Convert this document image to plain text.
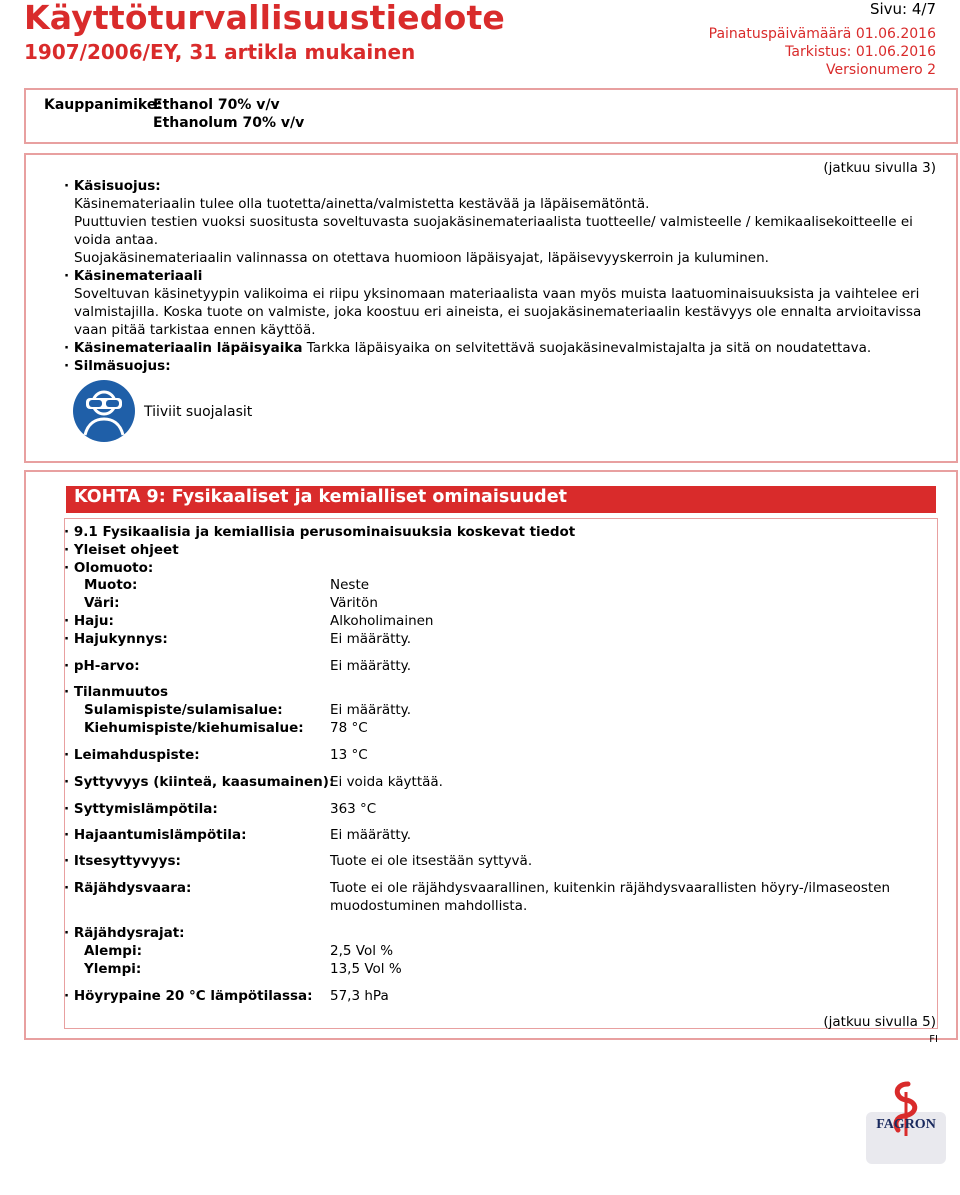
Käyttöturvallisuustiedote
1907/2006/EY, 31 artikla mukainen
Sivu: 4/7
Painatuspäivämäärä 01.06.2016
Tarkistus: 01.06.2016
Versionumero 2
Kauppanimike:
Ethanol 70% v/v
Ethanolum 70% v/v
(jatkuu sivulla 3)
· Käsisuojus:
Käsinemateriaalin tulee olla tuotetta/ainetta/valmistetta kestävää ja läpäisemätöntä.
Puuttuvien testien vuoksi suositusta soveltuvasta suojakäsinemateriaalista tuotteelle/ valmisteelle / kemikaalisekoitteelle ei
voida antaa.
Suojakäsinemateriaalin valinnassa on otettava huomioon läpäisyajat, läpäisevyyskerroin ja kuluminen.
· Käsinemateriaali
Soveltuvan käsinetyypin valikoima ei riipu yksinomaan materiaalista vaan myös muista laatuominaisuuksista ja vaihtelee eri
valmistajilla. Koska tuote on valmiste, joka koostuu eri aineista, ei suojakäsinemateriaalin kestävyys ole ennalta arvioitavissa
vaan pitää tarkistaa ennen käyttöä.
· Käsinemateriaalin läpäisyaika Tarkka läpäisyaika on selvitettävä suojakäsinevalmistajalta ja sitä on noudatettava.
· Silmäsuojus:
Tiiviit suojalasit
KOHTA 9: Fysikaaliset ja kemialliset ominaisuudet
· 9.1 Fysikaalisia ja kemiallisia perusominaisuuksia koskevat tiedot
· Yleiset ohjeet
· Olomuoto:
Muoto:	Neste
Väri:	Väritön
· Haju:	Alkoholimainen
· Hajukynnys:	Ei määrätty.
· pH-arvo:	Ei määrätty.
· Tilanmuutos
Sulamispiste/sulamisalue:	Ei määrätty.
Kiehumispiste/kiehumisalue: 78 °C
· Leimahduspiste:	13 °C
· Syttyvyys (kiinteä, kaasumainen):
Ei voida käyttää.
· Syttymislämpötila:	363 °C
· Hajaantumislämpötila:	Ei määrätty.
· Itsesyttyvyys:	Tuote ei ole itsestään syttyvä.
· Räjähdysvaara:	Tuote ei ole räjähdysvaarallinen, kuitenkin räjähdysvaarallisten höyry-/ilmaseosten
muodostuminen mahdollista.
· Räjähdysrajat:
Alempi:	2,5 Vol %
Ylempi:	13,5 Vol %
· Höyrypaine 20 °C lämpötilassa: 57,3 hPa
(jatkuu sivulla 5)
FI
FAGRON
